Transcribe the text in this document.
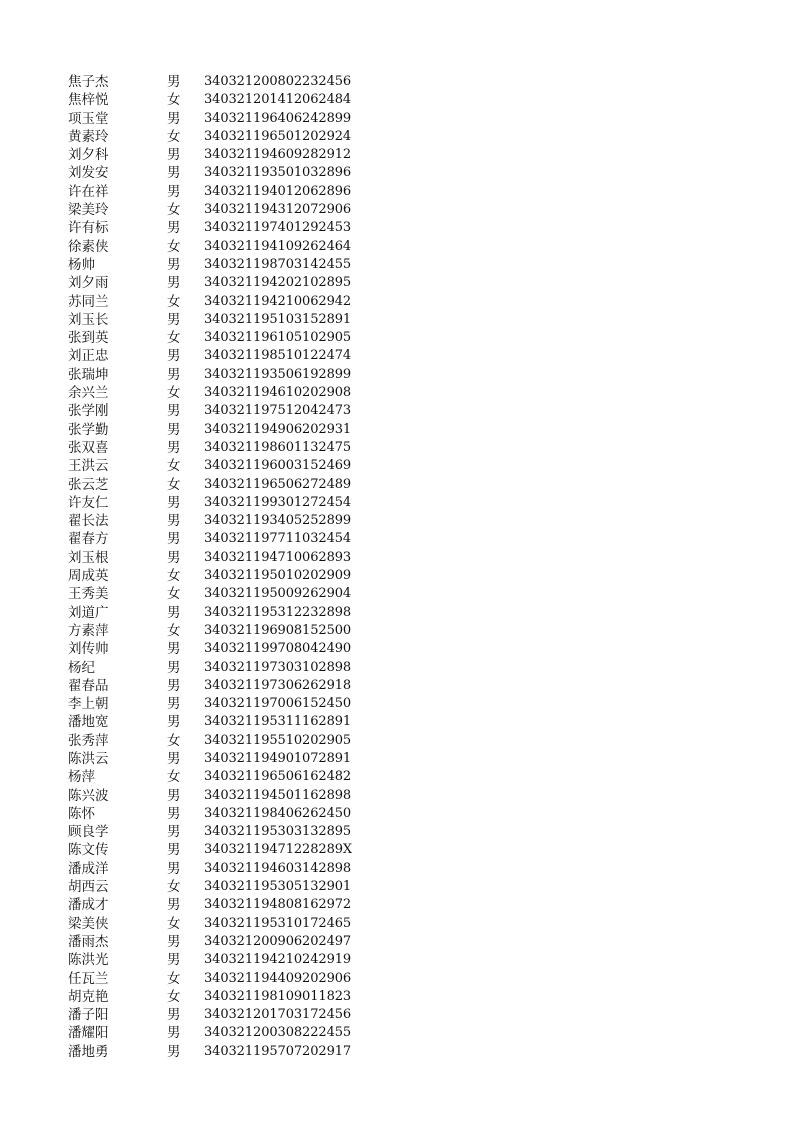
焦子杰	男 340321200802232456
焦梓悦	女 340321201412062484
项玉堂	男 340321196406242899
黄素玲	女 340321196501202924
刘夕科	男 340321194609282912
刘发安	男 340321193501032896
许在祥	男 340321194012062896
梁美玲	女 340321194312072906
许有标	男 340321197401292453
徐素侠	女 340321194109262464
杨帅	男 340321198703142455
刘夕雨	男 340321194202102895
苏同兰	女 340321194210062942
刘玉长	男 340321195103152891
张到英	女 340321196105102905
刘正忠	男 340321198510122474
张瑞坤	男 340321193506192899
余兴兰	女 340321194610202908
张学刚	男 340321197512042473
张学勤	男 340321194906202931
张双喜	男 340321198601132475
王洪云	女 340321196003152469
张云芝	女 340321196506272489
许友仁	男 340321199301272454
翟长法	男 340321193405252899
翟春方	男 340321197711032454
刘玉根	男 340321194710062893
周成英	女 340321195010202909
王秀美	女 340321195009262904
刘道广	男 340321195312232898
方素萍	女 340321196908152500
刘传帅	男 340321199708042490
杨纪	男 340321197303102898
翟春品	男 340321197306262918
李上朝	男 340321197006152450
潘地宽	男 340321195311162891
张秀萍	女 340321195510202905
陈洪云	男 340321194901072891
杨萍	女 340321196506162482
陈兴波	男 340321194501162898
陈怀	男 340321198406262450
顾良学	男 340321195303132895
陈文传	男 34032119471228289X
潘成洋	男 340321194603142898
胡西云	女 340321195305132901
潘成才	男 340321194808162972
梁美侠	女 340321195310172465
潘雨杰	男 340321200906202497
陈洪光	男 340321194210242919
任瓦兰	女 340321194409202906
胡克艳	女 340321198109011823
潘子阳	男 340321201703172456
潘耀阳	男 340321200308222455
潘地勇	男 340321195707202917
